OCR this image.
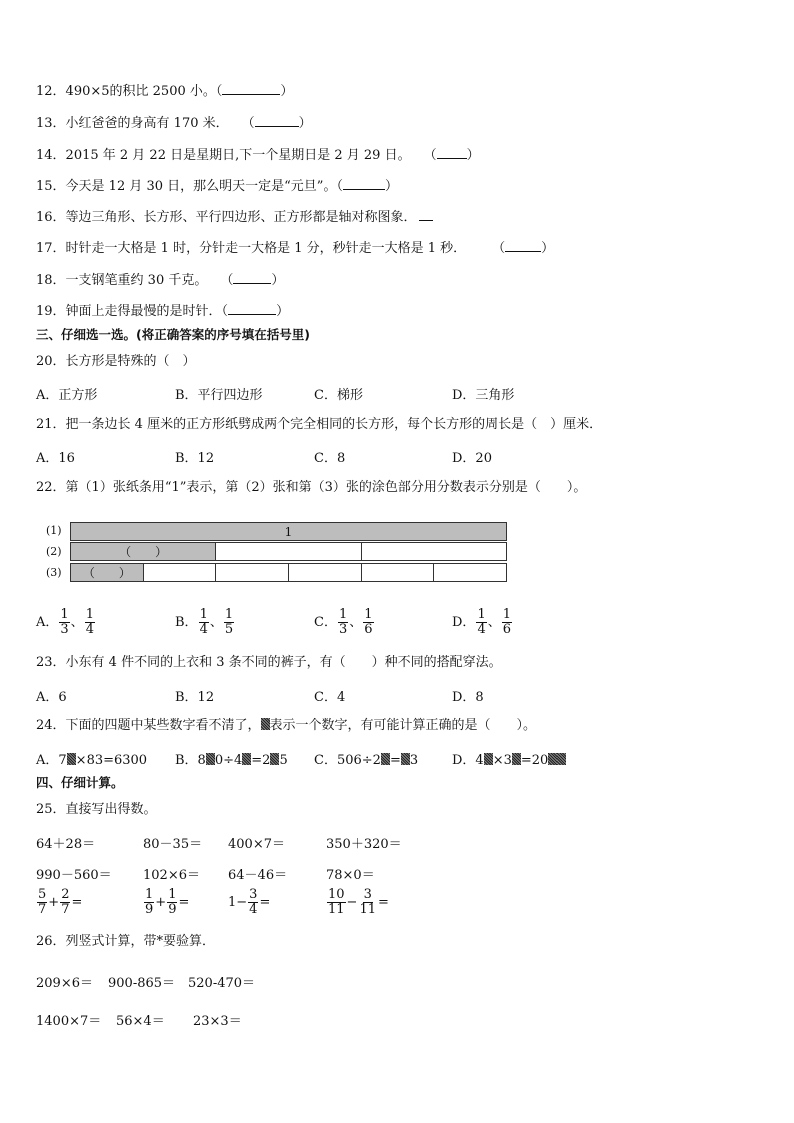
12．490×5的积比 2500 小。（	）
13．小红爸爸的身高有 170 米．　　（	）
14．2015 年 2 月 22 日是星期日,下一个星期日是 2 月 29 日。　　（ ）
15．今天是 12 月 30 日，那么明天一定是“元旦”。（	）
16．等边三角形、长方形、平行四边形、正方形都是轴对称图象．
17．时针走一大格是 1 时，分针走一大格是 1 分，秒针走一大格是 1 秒．　　　（	）
18．一支钢笔重约 30 千克。　　（	）
19．钟面上走得最慢的是时针．（	）
三、仔细选一选。(将正确答案的序号填在括号里)
20．长方形是特殊的（　）
A．正方形	B．平行四边形	C．梯形	D．三角形
21．把一条边长 4 厘米的正方形纸劈成两个完全相同的长方形，每个长方形的周长是（　）厘米．
A．16	B．12	C．8	D．20
22．第（1）张纸条用“1”表示，第（2）张和第（3）张的涂色部分用分数表示分别是（　　）。
(1)
(2)
(3)
1
（　　）		
（　　）					
A． $\frac{1}{3}$ 、 $\frac{1}{4}$	B． $\frac{1}{4}$ 、 $\frac{1}{5}$	C． $\frac{1}{3}$ 、 $\frac{1}{6}$	D． $\frac{1}{4}$ 、 $\frac{1}{6}$
23．小东有 4 件不同的上衣和 3 条不同的裤子，有（　　）种不同的搭配穿法。
A．6	B．12	C．4	D．8
24．下面的四题中某些数字看不清了， 表示一个数字，有可能计算正确的是（　　）。
A．7 ×83=6300 B．8 0÷4 =2 5 C．506÷2 = 3	D．4 ×3 =20
四、仔细计算。
25．直接写出得数。
64＋28＝	80－35＝ 400×7＝	350＋320＝
990－560＝ 102×6＝ 64－46＝	78×0＝
$\frac{5}{7} + \frac{2}{7}$ =	$\frac{1}{9} + \frac{1}{9}$ =	$1- \frac{3}{4}$ =	$\frac{10}{11} - \frac{3}{11}$ =
26．列竖式计算，带*要验算．
209×6＝ 900-865＝ 520-470＝
1400×7＝ 56×4＝ 23×3＝
